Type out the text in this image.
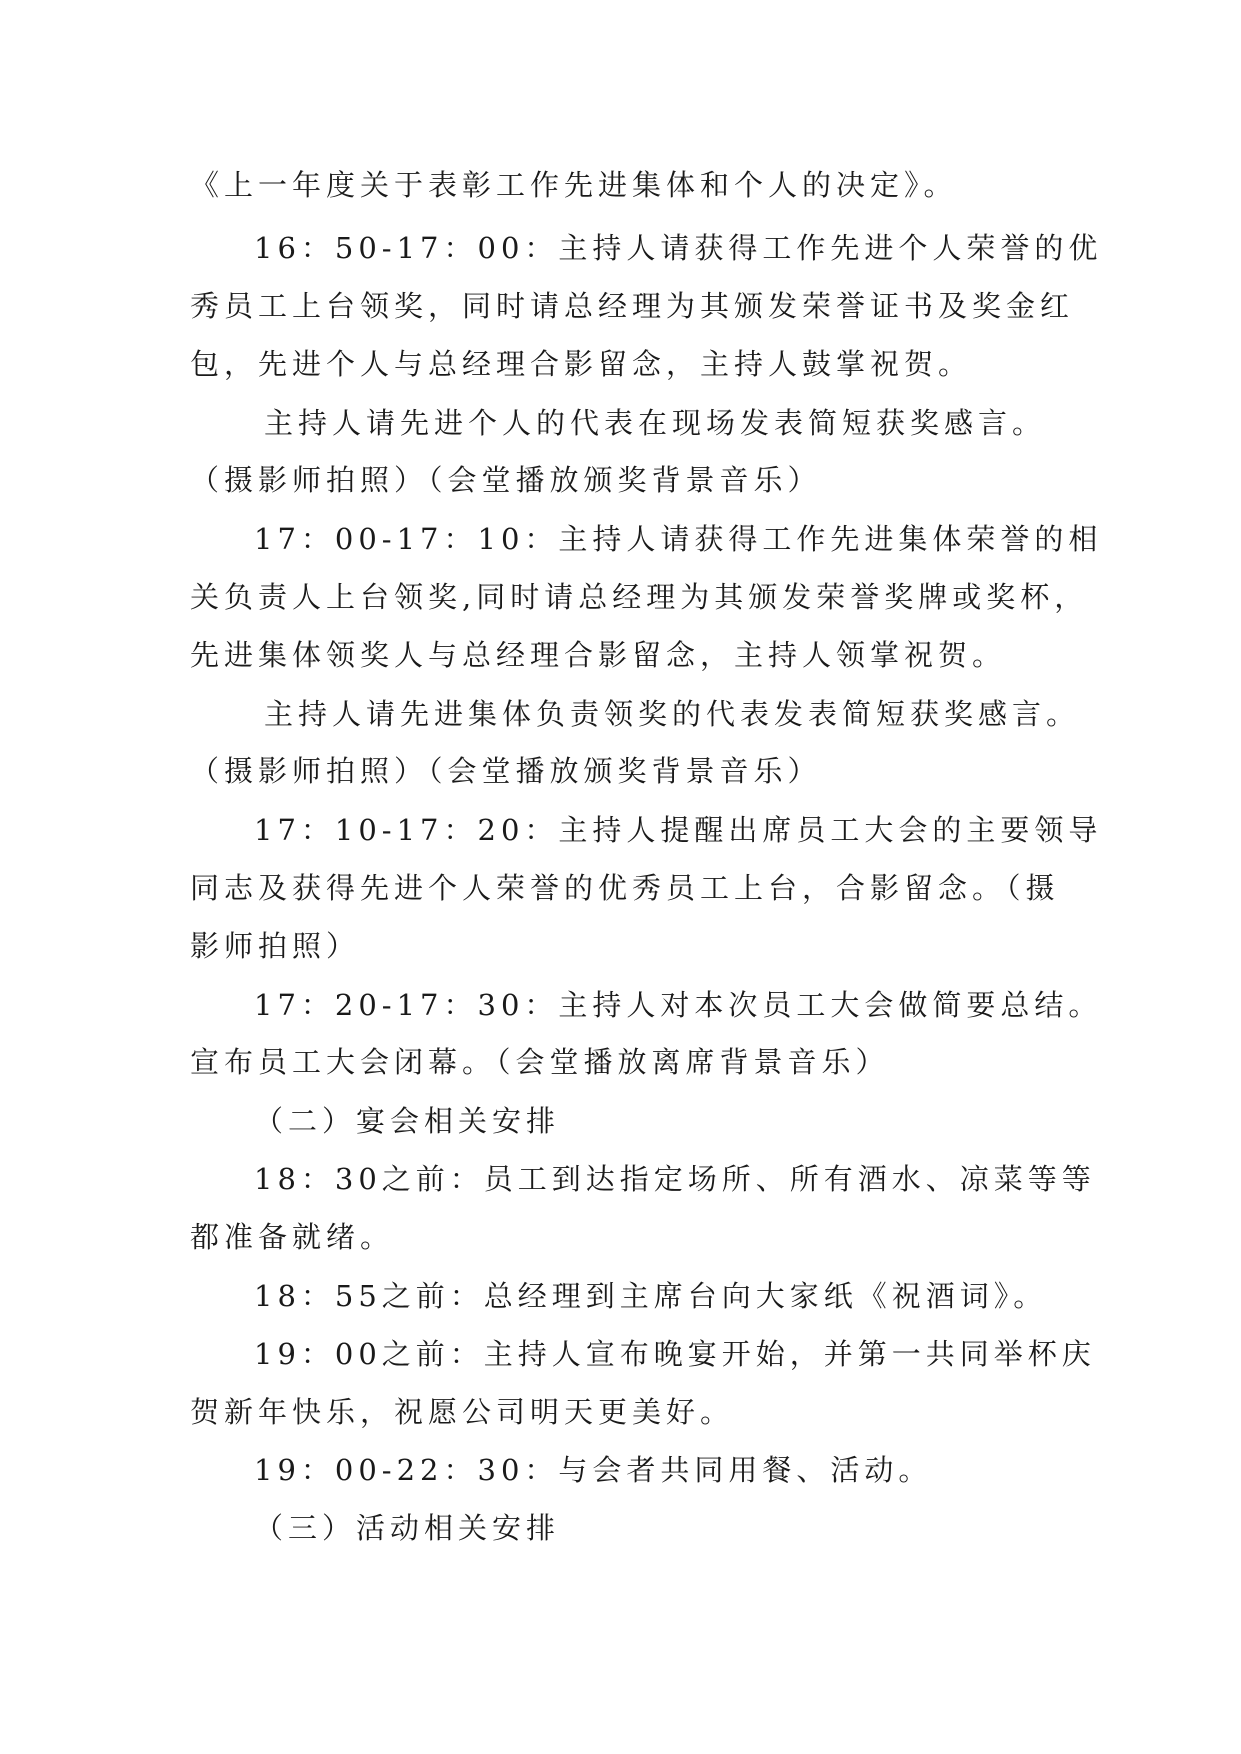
《上一年度关于表彰工作先进集体和个人的决定》。
16：50-17：00：主持人请获得工作先进个人荣誉的优
秀员工上台领奖，同时请总经理为其颁发荣誉证书及奖金红
包，先进个人与总经理合影留念，主持人鼓掌祝贺。
主持人请先进个人的代表在现场发表简短获奖感言。
（摄影师拍照）（会堂播放颁奖背景音乐）
17：00-17：10：主持人请获得工作先进集体荣誉的相
关负责人上台领奖,同时请总经理为其颁发荣誉奖牌或奖杯，
先进集体领奖人与总经理合影留念，主持人领掌祝贺。
主持人请先进集体负责领奖的代表发表简短获奖感言。
（摄影师拍照）（会堂播放颁奖背景音乐）
17：10-17：20：主持人提醒出席员工大会的主要领导
同志及获得先进个人荣誉的优秀员工上台，合影留念。（摄
影师拍照）
17：20-17：30：主持人对本次员工大会做简要总结。
宣布员工大会闭幕。（会堂播放离席背景音乐）
（二）宴会相关安排
18：30之前：员工到达指定场所、所有酒水、凉菜等等
都准备就绪。
18：55之前：总经理到主席台向大家纸《祝酒词》。
19：00之前：主持人宣布晚宴开始，并第一共同举杯庆
贺新年快乐，祝愿公司明天更美好。
19：00-22：30：与会者共同用餐、活动。
（三）活动相关安排
